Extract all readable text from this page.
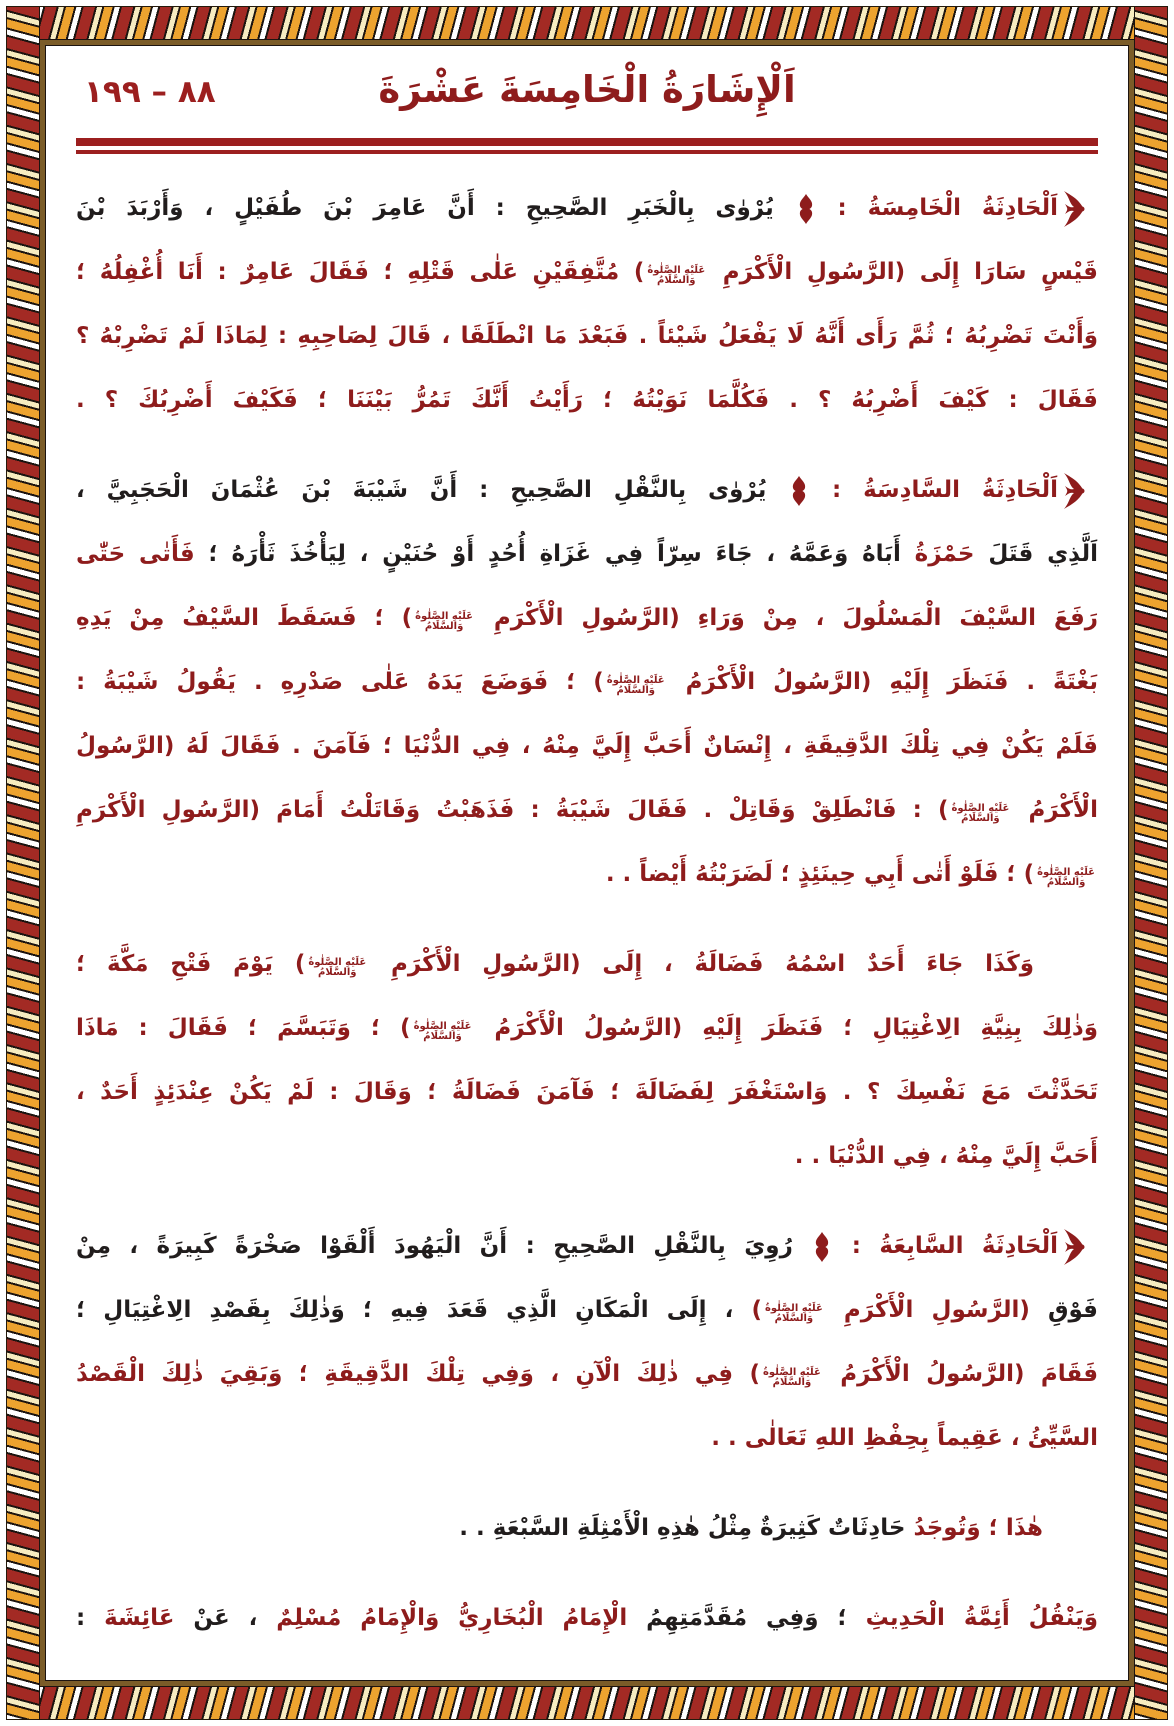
٨٨ – ١٩٩	اَلْإِشَارَةُ الْخَامِسَةَ عَشْرَةَ
اَلْحَادِثَةُ الْخَامِسَةُ :
يُرْوٰى بِالْخَبَرِ الصَّحِيحِ : أَنَّ عَامِرَ بْنَ طُفَيْلٍ ، وَأَرْبَدَ بْنَ
قَيْسٍ سَارَا إِلَى (الرَّسُولِ الْأَكْرَمِ
عَلَيْهِ الصَّلٰوةُ
وَالسَّلَامُ
) مُتَّفِقَيْنِ عَلٰى قَتْلِهِ ؛ فَقَالَ عَامِرٌ : أَنَا أُغْفِلُهُ ؛
وَأَنْتَ تَضْرِبُهُ ؛ ثُمَّ رَأَى أَنَّهُ لَا يَفْعَلُ شَيْئاً . فَبَعْدَ مَا انْطَلَقَا ، قَالَ لِصَاحِبِهِ : لِمَاذَا لَمْ تَضْرِبْهُ ؟
فَقَالَ : كَيْفَ أَضْرِبُهُ ؟ . فَكُلَّمَا نَوَيْتُهُ ؛ رَأَيْتُ أَنَّكَ تَمُرُّ بَيْنَنَا ؛ فَكَيْفَ أَضْرِبُكَ ؟ .
اَلْحَادِثَةُ السَّادِسَةُ :
يُرْوٰى بِالنَّقْلِ الصَّحِيحِ : أَنَّ شَيْبَةَ بْنَ عُثْمَانَ الْحَجَبِيَّ ،
اَلَّذِي قَتَلَ حَمْزَةُ أَبَاهُ وَعَمَّهُ ، جَاءَ سِرّاً فِي غَزَاةِ أُحُدٍ أَوْ حُنَيْنٍ ، لِيَأْخُذَ ثَأْرَهُ ؛ فَأَتٰى حَتّٰى
رَفَعَ السَّيْفَ الْمَسْلُولَ ، مِنْ وَرَاءِ (الرَّسُولِ الْأَكْرَمِ
عَلَيْهِ الصَّلٰوةُ
وَالسَّلَامُ
) ؛ فَسَقَطَ السَّيْفُ مِنْ يَدِهِ
بَغْتَةً . فَنَظَرَ إِلَيْهِ (الرَّسُولُ الْأَكْرَمُ
عَلَيْهِ الصَّلٰوةُ
وَالسَّلَامُ
) ؛ فَوَضَعَ يَدَهُ عَلٰى صَدْرِهِ . يَقُولُ شَيْبَةُ :
فَلَمْ يَكُنْ فِي تِلْكَ الدَّقِيقَةِ ، إِنْسَانٌ أَحَبَّ إِلَيَّ مِنْهُ ، فِي الدُّنْيَا ؛ فَآمَنَ . فَقَالَ لَهُ (الرَّسُولُ
الْأَكْرَمُ
عَلَيْهِ الصَّلٰوةُ
وَالسَّلَامُ
) : فَانْطَلِقْ وَقَاتِلْ . فَقَالَ شَيْبَةُ : فَذَهَبْتُ وَقَاتَلْتُ أَمَامَ (الرَّسُولِ الْأَكْرَمِ
عَلَيْهِ الصَّلٰوةُ
وَالسَّلَامُ
) ؛ فَلَوْ أَتٰى أَبِي حِينَئِذٍ ؛ لَضَرَبْتُهُ أَيْضاً . .
وَكَذَا جَاءَ أَحَدٌ اسْمُهُ فَضَالَةُ ، إِلَى (الرَّسُولِ الْأَكْرَمِ
عَلَيْهِ الصَّلٰوةُ
وَالسَّلَامُ
) يَوْمَ فَتْحِ مَكَّةَ ؛
وَذٰلِكَ بِنِيَّةِ الِاغْتِيَالِ ؛ فَنَظَرَ إِلَيْهِ (الرَّسُولُ الْأَكْرَمُ
عَلَيْهِ الصَّلٰوةُ
وَالسَّلَامُ
) ؛ وَتَبَسَّمَ ؛ فَقَالَ : مَاذَا
تَحَدَّثْتَ مَعَ نَفْسِكَ ؟ . وَاسْتَغْفَرَ لِفَضَالَةَ ؛ فَآمَنَ فَضَالَةُ ؛ وَقَالَ : لَمْ يَكُنْ عِنْدَئِذٍ أَحَدٌ ،
أَحَبَّ إِلَيَّ مِنْهُ ، فِي الدُّنْيَا . .
اَلْحَادِثَةُ السَّابِعَةُ :
رُوِيَ بِالنَّقْلِ الصَّحِيحِ : أَنَّ الْيَهُودَ أَلْقَوْا صَخْرَةً كَبِيرَةً ، مِنْ
فَوْقِ (الرَّسُولِ الْأَكْرَمِ
عَلَيْهِ الصَّلٰوةُ
وَالسَّلَامُ
) ، إِلَى الْمَكَانِ الَّذِي قَعَدَ فِيهِ ؛ وَذٰلِكَ بِقَصْدِ الِاغْتِيَالِ ؛
فَقَامَ (الرَّسُولُ الْأَكْرَمُ
عَلَيْهِ الصَّلٰوةُ
وَالسَّلَامُ
) فِي ذٰلِكَ الْآنِ ، وَفِي تِلْكَ الدَّقِيقَةِ ؛ وَبَقِيَ ذٰلِكَ الْقَصْدُ
السَّيِّئُ ، عَقِيماً بِحِفْظِ اللهِ تَعَالٰى . .
هٰذَا ؛ وَتُوجَدُ حَادِثَاتٌ كَثِيرَةٌ مِثْلُ هٰذِهِ الْأَمْثِلَةِ السَّبْعَةِ . .
وَيَنْقُلُ أَئِمَّةُ الْحَدِيثِ ؛ وَفِي مُقَدَّمَتِهِمُ الْإِمَامُ الْبُخَارِيُّ وَالْإِمَامُ مُسْلِمٌ ، عَنْ عَائِشَةَ :
